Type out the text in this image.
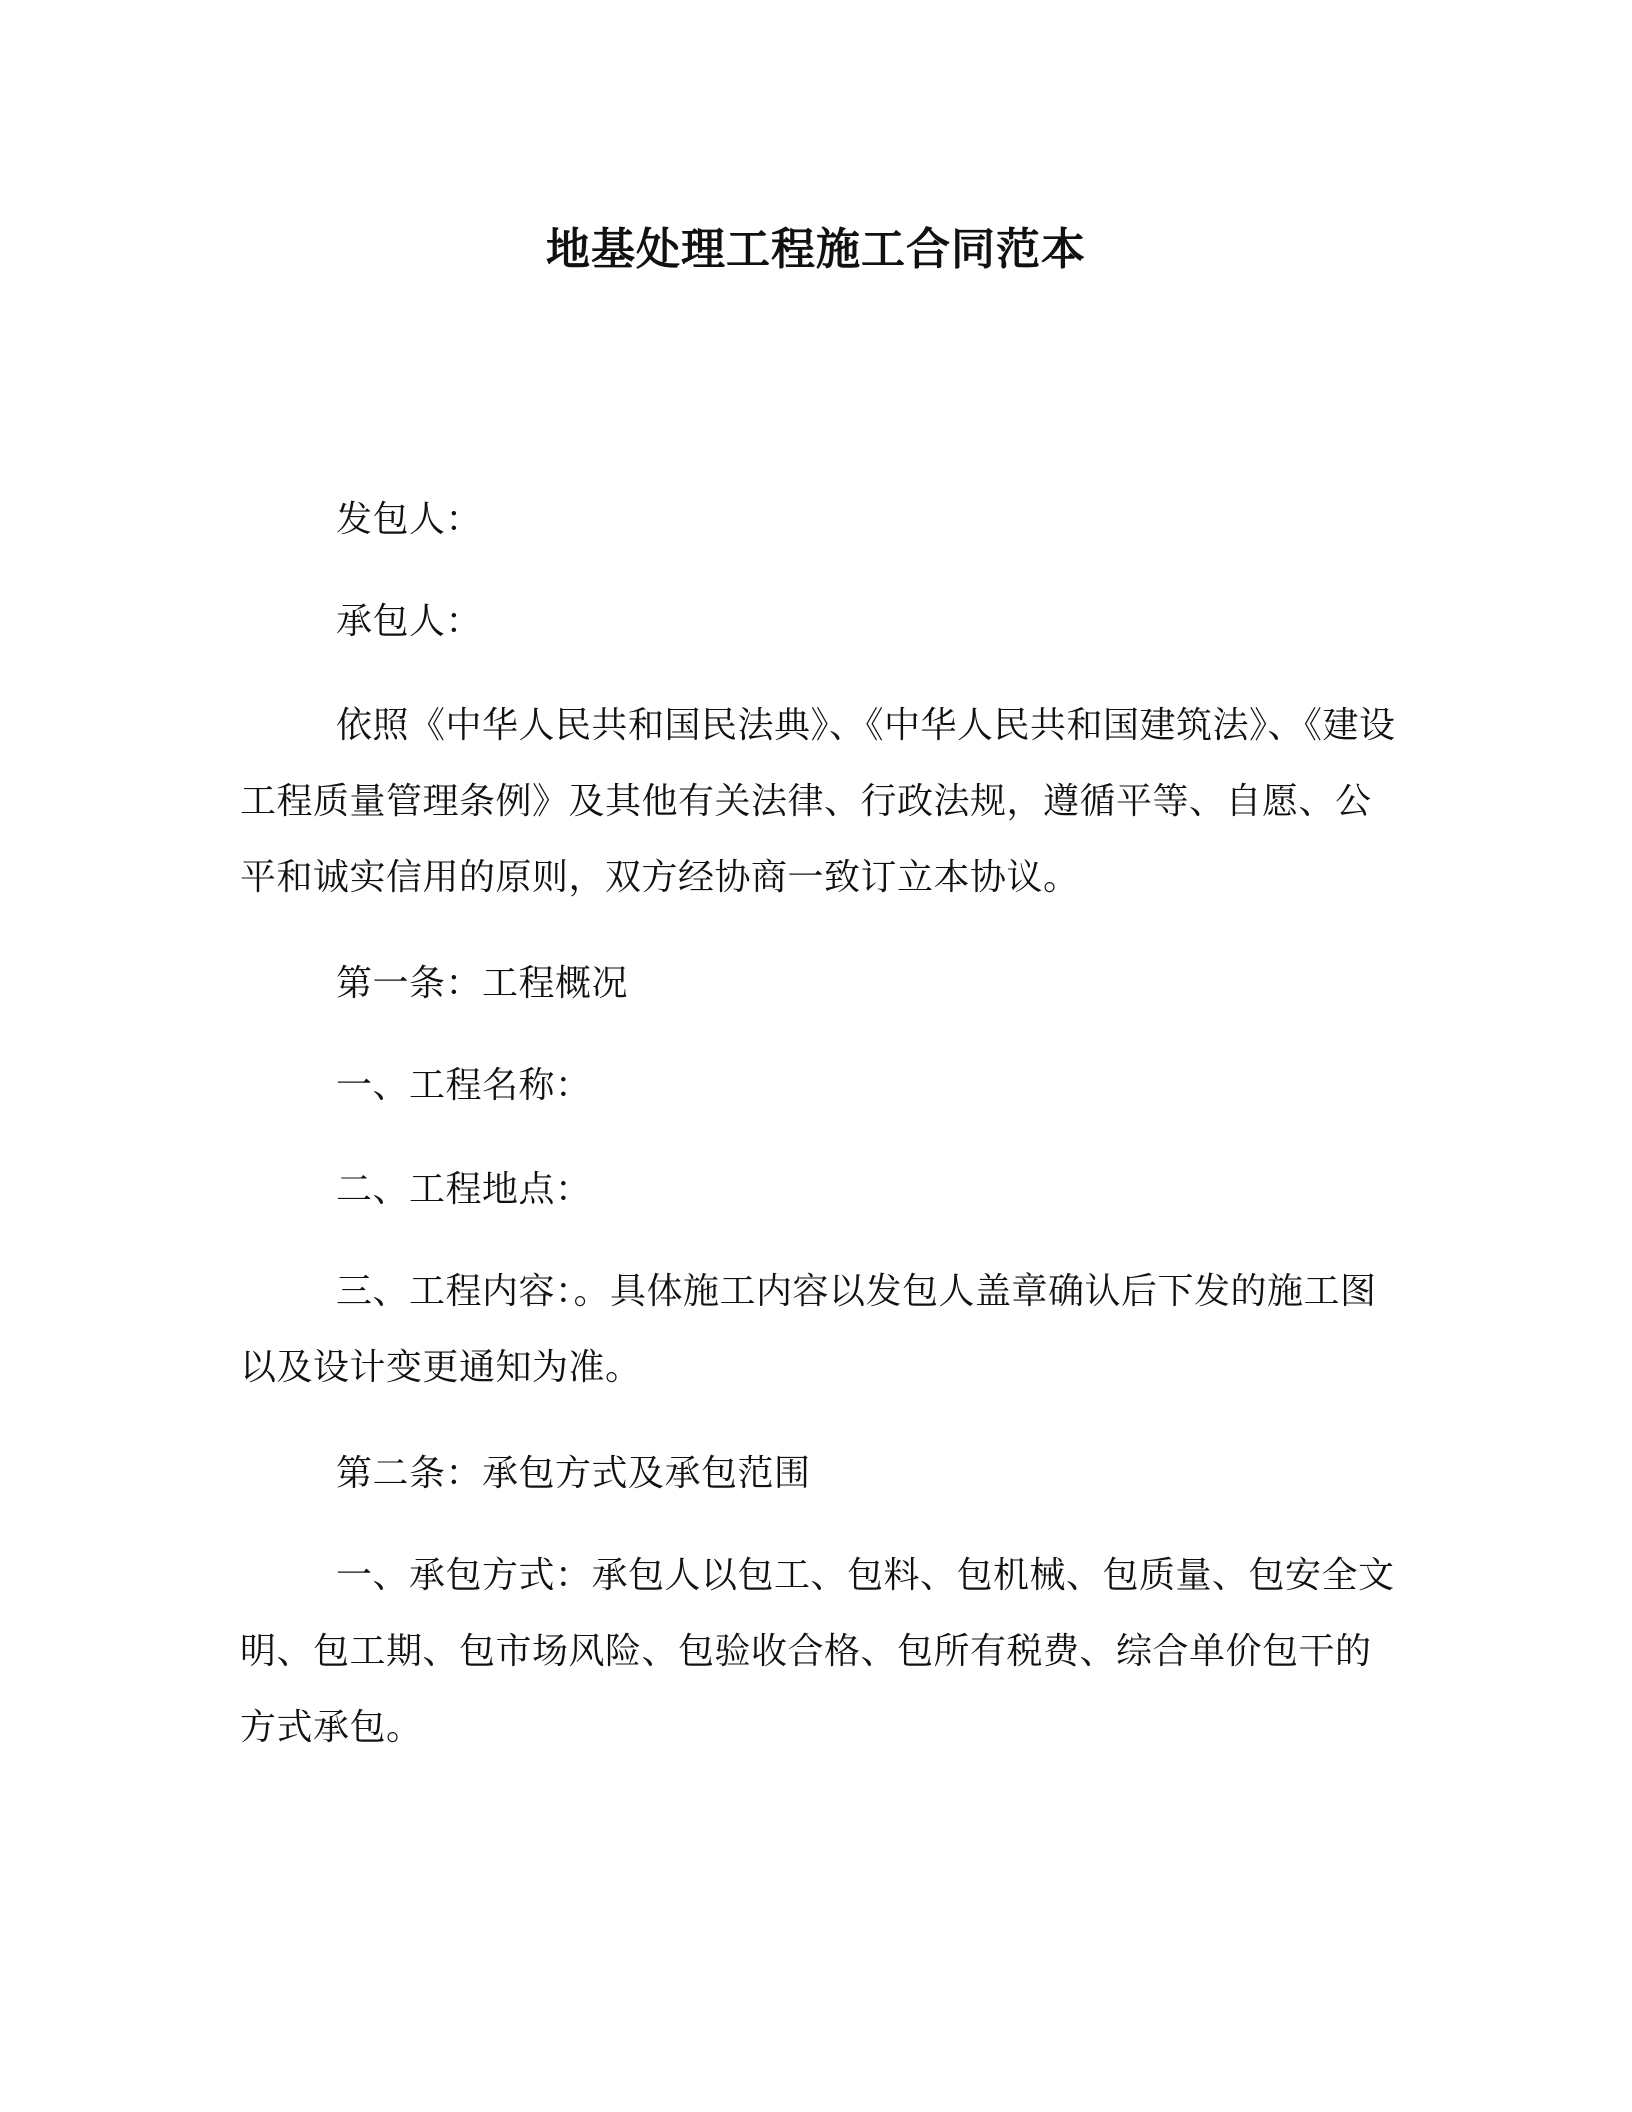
地基处理工程施工合同范本

发包人：

承包人：

依照《中华人民共和国民法典》、《中华人民共和国建筑法》、《建设工程质量管理条例》及其他有关法律、行政法规，遵循平等、自愿、公平和诚实信用的原则，双方经协商一致订立本协议。

第一条：工程概况

一、工程名称：

二、工程地点：

三、工程内容：。具体施工内容以发包人盖章确认后下发的施工图以及设计变更通知为准。

第二条：承包方式及承包范围

一、承包方式：承包人以包工、包料、包机械、包质量、包安全文明、包工期、包市场风险、包验收合格、包所有税费、综合单价包干的方式承包。
